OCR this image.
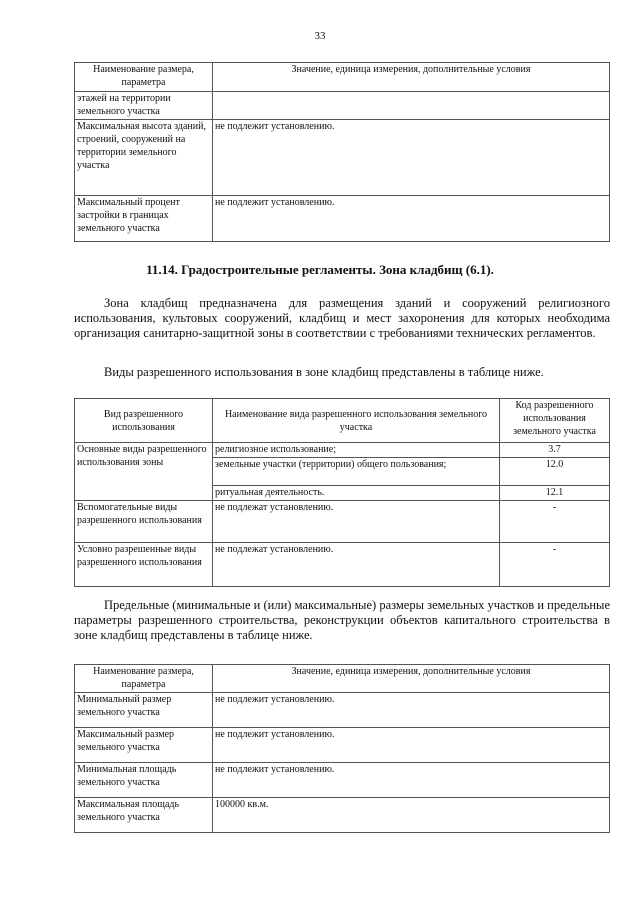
33
Наименование размера, параметра	Значение, единица измерения, дополнительные условия
этажей на территории земельного участка	
Максимальная высота зданий, строений, сооружений на территории земельного участка	не подлежит установлению.
Максимальный процент застройки в границах земельного участка	не подлежит установлению.
11.14. Градостроительные регламенты. Зона кладбищ (6.1).

Зона кладбищ предназначена для размещения зданий и сооружений религиозного использования, культовых сооружений, кладбищ и мест захоронения для которых необходима организация санитарно-защитной зоны в соответствии с требованиями технических регламентов.

Виды разрешенного использования в зоне кладбищ представлены в таблице ниже.

Вид разрешенного использования	Наименование вида разрешенного использования земельного участка	Код разрешенного использования земельного участка
Основные виды разрешенного использования зоны	религиозное использование;	3.7
	земельные участки (территории) общего пользования;	12.0
	ритуальная деятельность.	12.1
Вспомогательные виды разрешенного использования	не подлежат установлению.	-
Условно разрешенные виды разрешенного использования	не подлежат установлению.	-

Предельные (минимальные и (или) максимальные) размеры земельных участков и предельные параметры разрешенного строительства, реконструкции объектов капитального строительства в зоне кладбищ представлены в таблице ниже.

Наименование размера, параметра	Значение, единица измерения, дополнительные условия
Минимальный размер земельного участка	не подлежит установлению.
Максимальный размер земельного участка	не подлежит установлению.
Минимальная площадь земельного участка	не подлежит установлению.
Максимальная площадь земельного участка	100000 кв.м.
